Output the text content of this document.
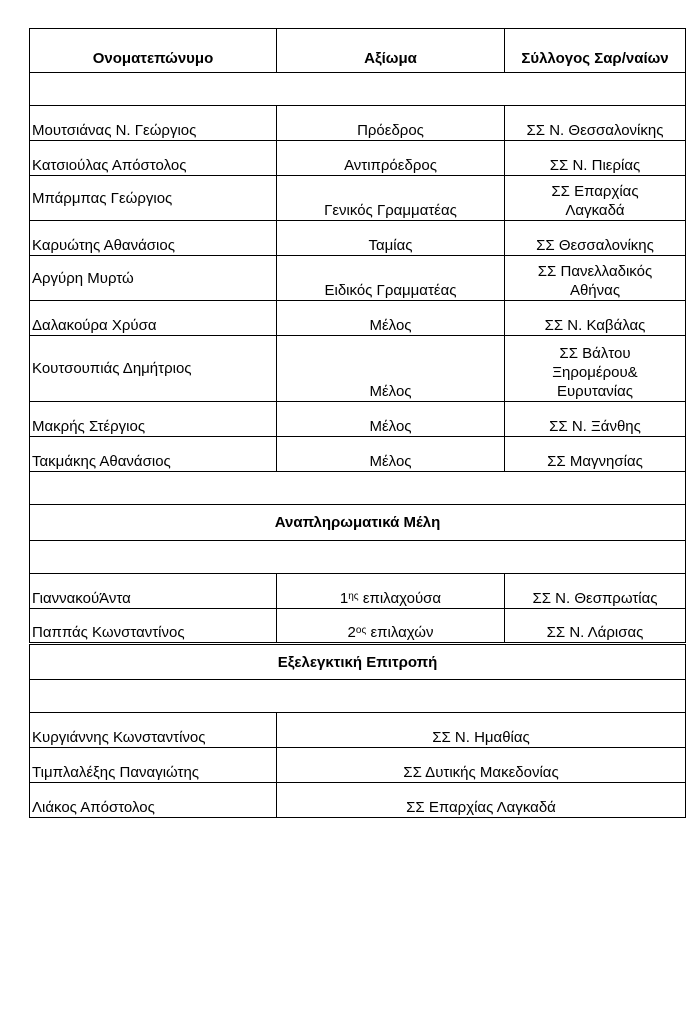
Ονοματεπώνυμο	Αξίωμα	Σύλλογος Σαρ/ναίων

Μουτσιάνας Ν. Γεώργιος	Πρόεδρος	ΣΣ Ν. Θεσσαλονίκης
Κατσιούλας Απόστολος	Αντιπρόεδρος	ΣΣ Ν. Πιερίας
Μπάρμπας Γεώργιος	Γενικός Γραμματέας	ΣΣ Επαρχίας Λαγκαδά
Καρυώτης Αθανάσιος	Ταμίας	ΣΣ Θεσσαλονίκης
Αργύρη Μυρτώ	Ειδικός Γραμματέας	ΣΣ Πανελλαδικός Αθήνας
Δαλακούρα Χρύσα	Μέλος	ΣΣ Ν. Καβάλας
Κουτσουπιάς Δημήτριος	Μέλος	ΣΣ Βάλτου Ξηρομέρου& Ευρυτανίας
Μακρής Στέργιος	Μέλος	ΣΣ Ν. Ξάνθης
Τακμάκης Αθανάσιος	Μέλος	ΣΣ Μαγνησίας

Αναπληρωματικά Μέλη		

ΓιαννακούΆντα	$1^{\eta\varsigma}$ επιλαχούσα	ΣΣ Ν. Θεσπρωτίας
Παππάς Κωνσταντίνος	$2^{o\varsigma}$ επιλαχών	ΣΣ Ν. Λάρισας
Εξελεγκτική Επιτροπή		

Κυργιάννης Κωνσταντίνος	ΣΣ Ν. Ημαθίας	
Τιμπλαλέξης Παναγιώτης	ΣΣ Δυτικής Μακεδονίας	
Λιάκος Απόστολος	ΣΣ Επαρχίας Λαγκαδά	
